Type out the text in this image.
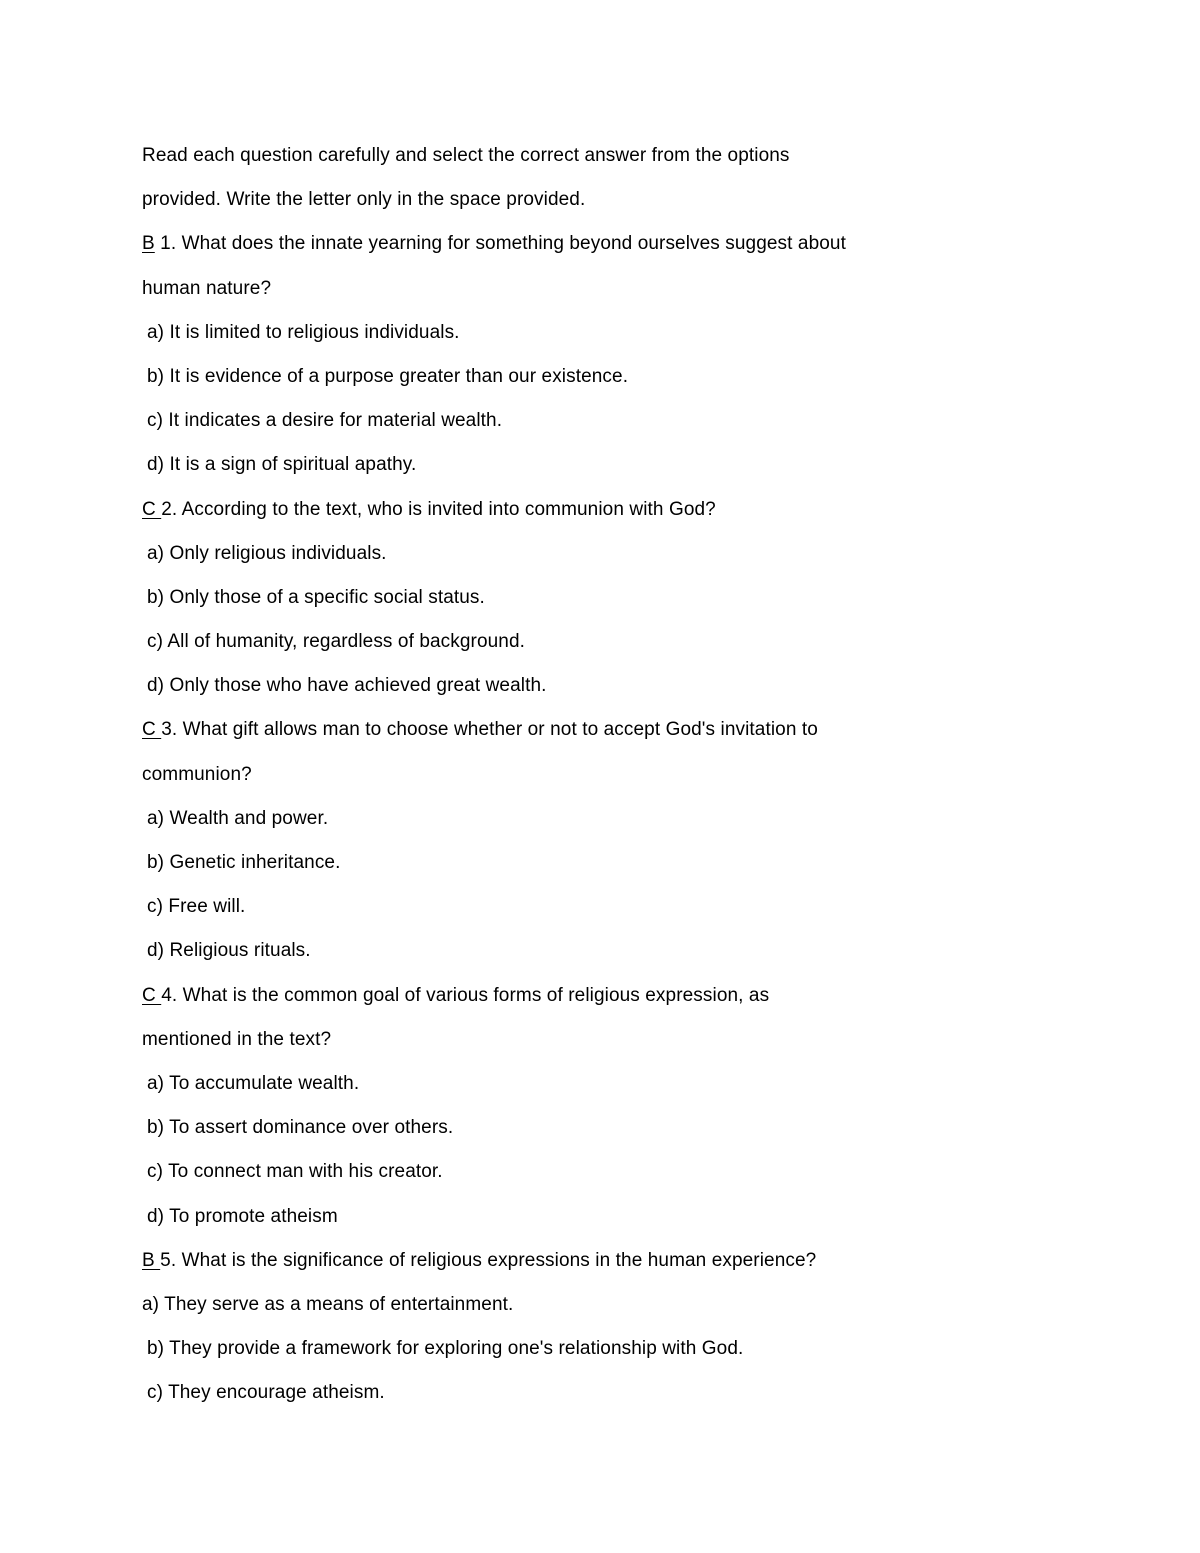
Read each question carefully and select the correct answer from the options
provided. Write the letter only in the space provided.
B 1. What does the innate yearning for something beyond ourselves suggest about
human nature?
a) It is limited to religious individuals.
b) It is evidence of a purpose greater than our existence.
c) It indicates a desire for material wealth.
d) It is a sign of spiritual apathy.
C 2. According to the text, who is invited into communion with God?
a) Only religious individuals.
b) Only those of a specific social status.
c) All of humanity, regardless of background.
d) Only those who have achieved great wealth.
C 3. What gift allows man to choose whether or not to accept God's invitation to
communion?
a) Wealth and power.
b) Genetic inheritance.
c) Free will.
d) Religious rituals.
C 4. What is the common goal of various forms of religious expression, as
mentioned in the text?
a) To accumulate wealth.
b) To assert dominance over others.
c) To connect man with his creator.
d) To promote atheism
B 5. What is the significance of religious expressions in the human experience?
a) They serve as a means of entertainment.
b) They provide a framework for exploring one's relationship with God.
c) They encourage atheism.
